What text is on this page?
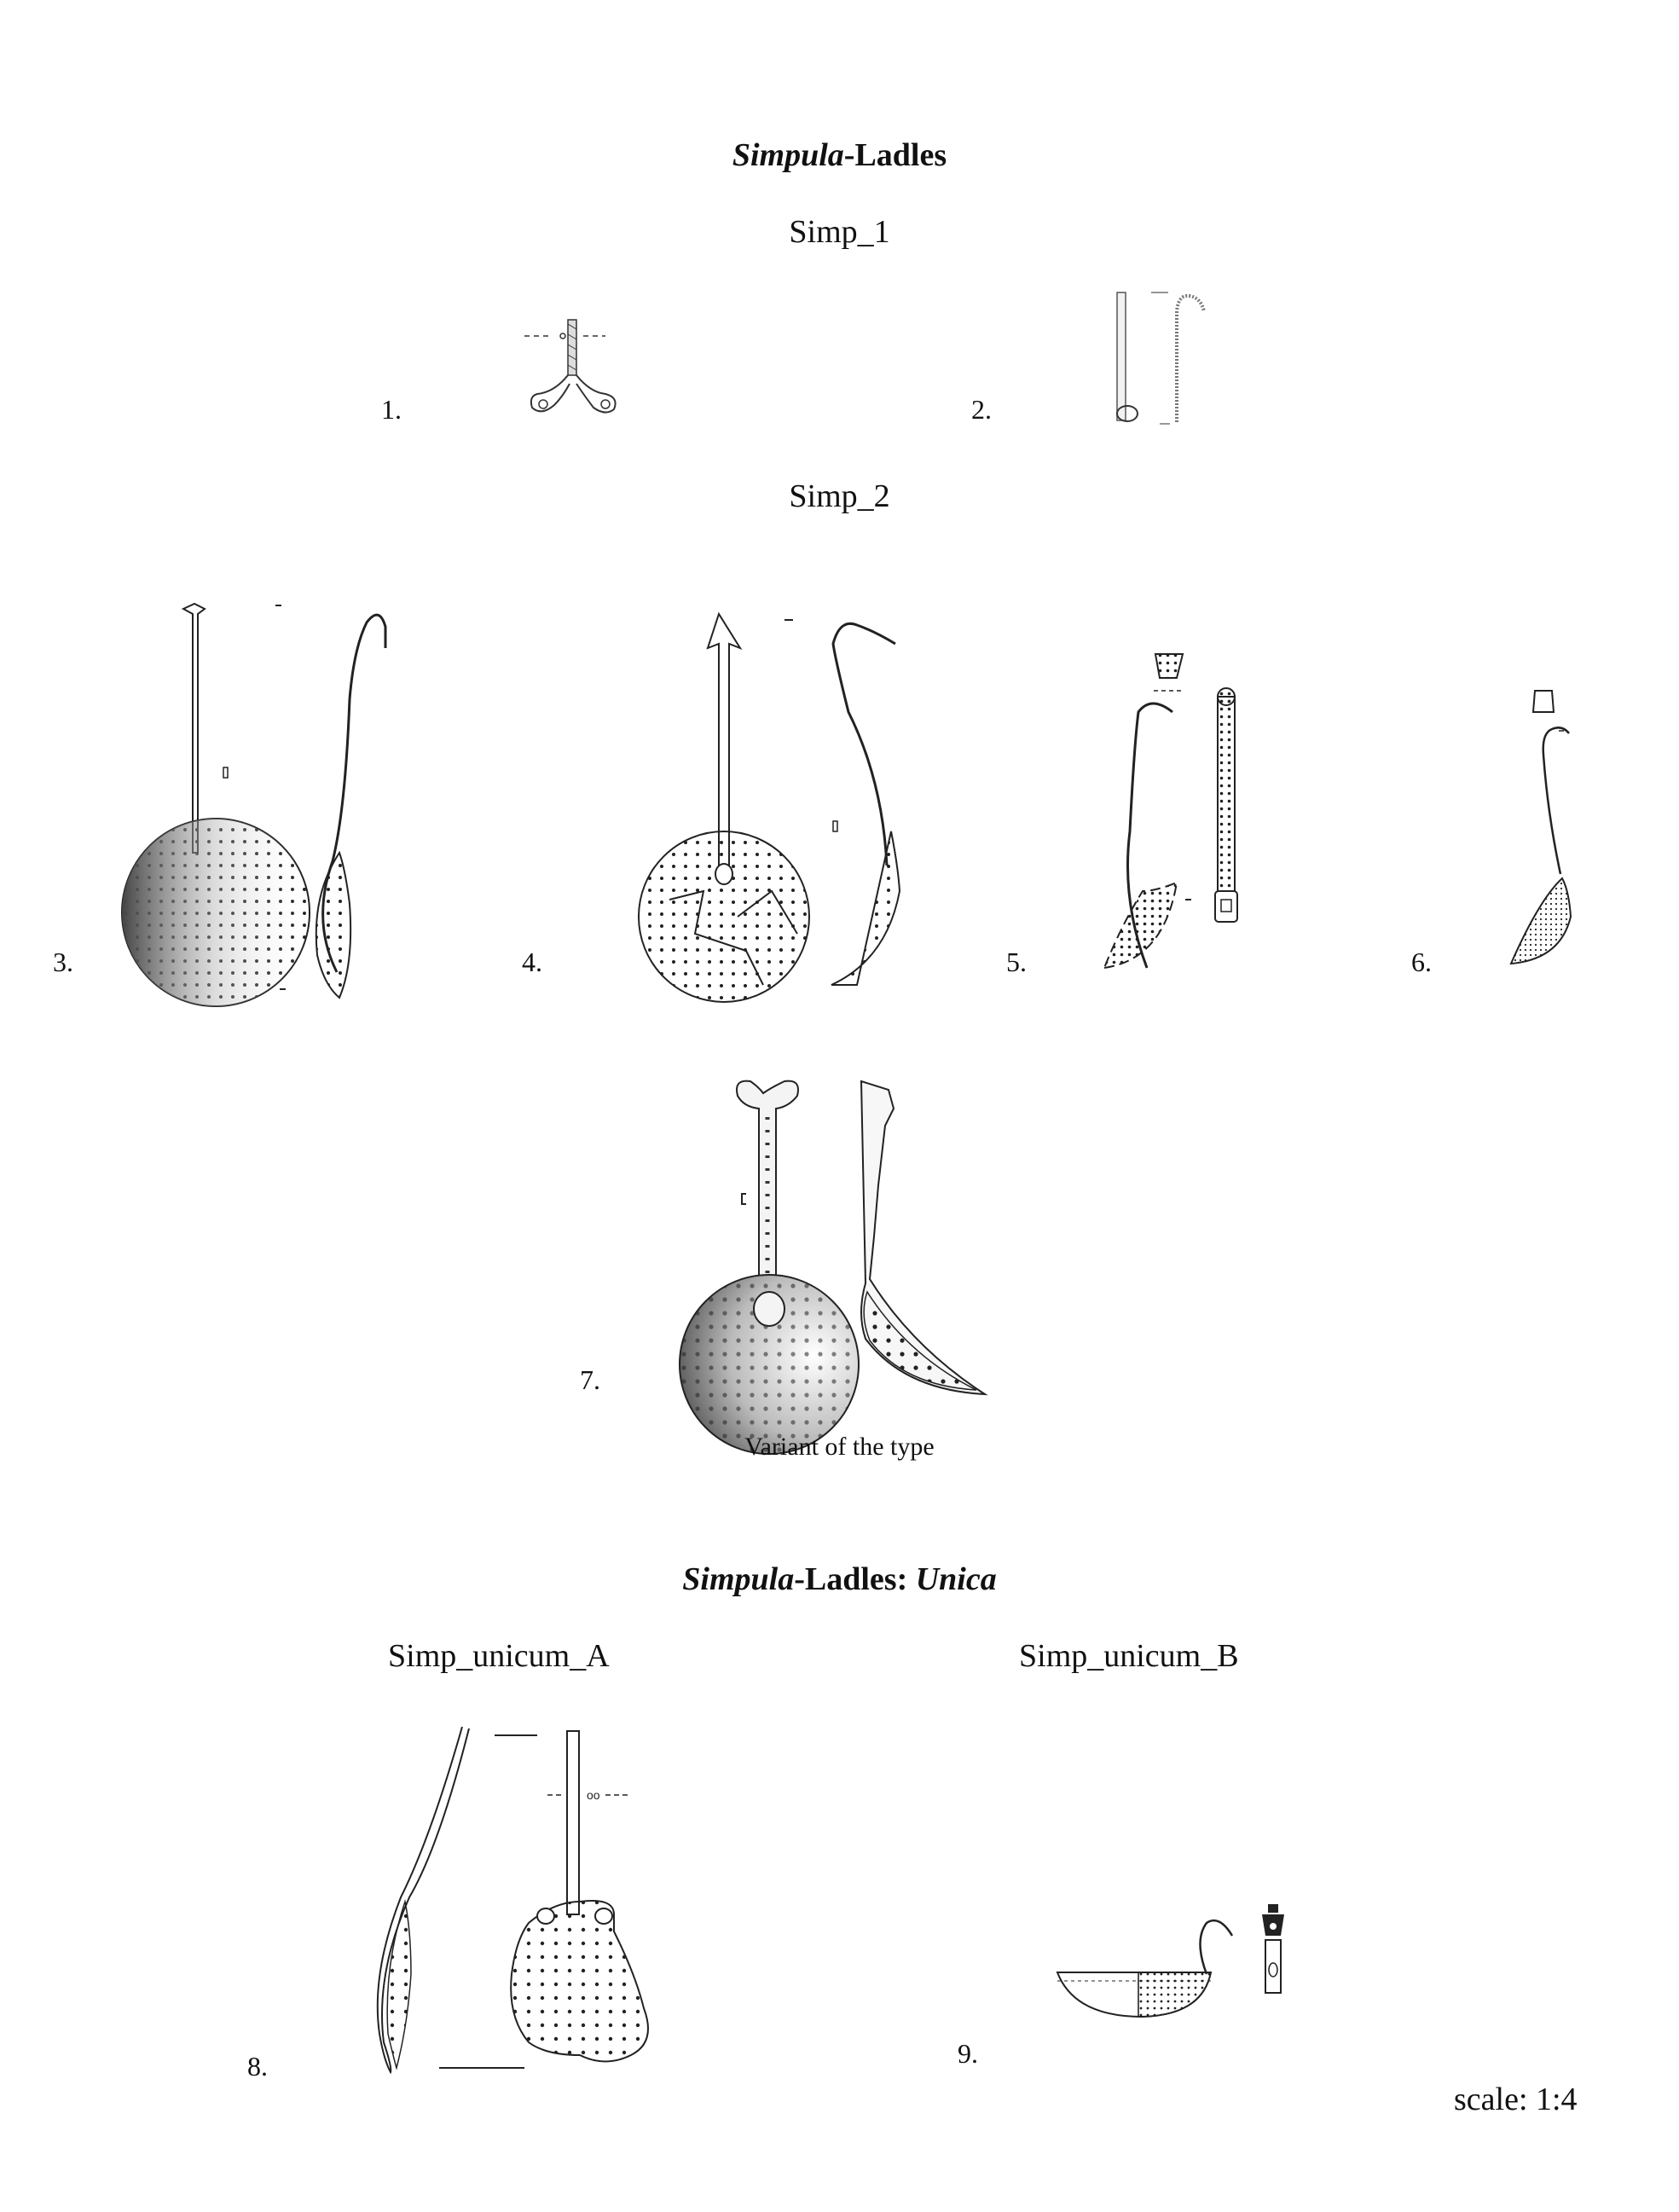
Simpula-Ladles
Simp_1
1.	2.
Simp_2
3.	4.	5.	6.
7.
Variant of the type
Simpula-Ladles: Unica
Simp_unicum_A	Simp_unicum_B
8.
oo
9.
scale: 1:4
